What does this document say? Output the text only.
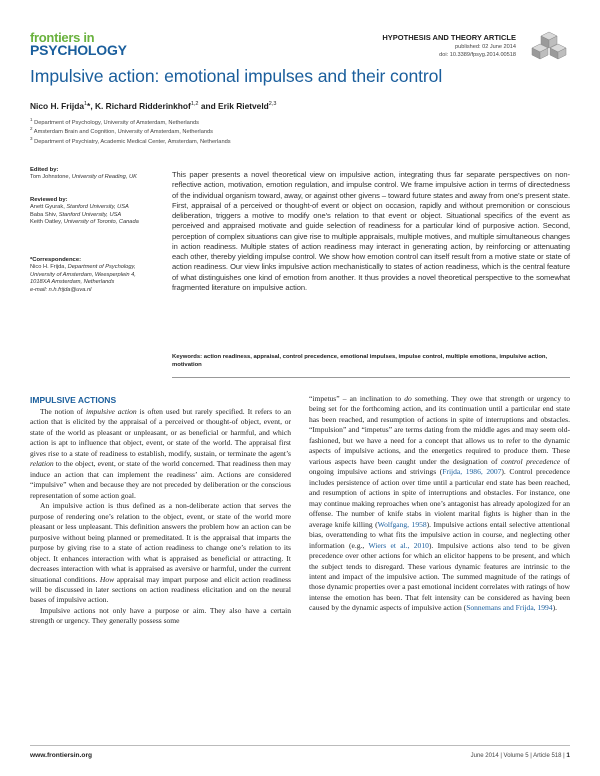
frontiers in
PSYCHOLOGY
HYPOTHESIS AND THEORY ARTICLE
published: 02 June 2014
doi: 10.3389/fpsyg.2014.00518
Impulsive action: emotional impulses and their control
Nico H. Frijda$^1$*, K. Richard Ridderinkhof$^{1,2}$ and Erik Rietveld$^{2,3}$
$^1$ Department of Psychology, University of Amsterdam, Netherlands
$^2$ Amsterdam Brain and Cognition, University of Amsterdam, Netherlands
$^3$ Department of Psychiatry, Academic Medical Center, Amsterdam, Netherlands
Edited by:
Tom Johnstone, University of Reading, UK
Reviewed by:
Anett Gyurak, Stanford University, USA
Baba Shiv, Stanford University, USA
Keith Oatley, University of Toronto, Canada
*Correspondence:
Nico H. Frijda, Department of Psychology, University of Amsterdam, Weesperplein 4, 1018XA Amsterdam, Netherlands
e-mail: n.h.frijda@uva.nl
This paper presents a novel theoretical view on impulsive action, integrating thus far separate perspectives on non-reflective action, motivation, emotion regulation, and impulse control. We frame impulsive action in terms of directedness of the individual organism toward, away, or against other givens – toward future states and away from one’s present state. First, appraisal of a perceived or thought-of event or object on occasion, rapidly and without premonition or conscious deliberation, triggers a motive to modify one’s relation to that event or object. Situational specifics of the event as perceived and appraised motivate and guide selection of readiness for a particular kind of purposive action. Second, perception of complex situations can give rise to multiple appraisals, multiple motives, and multiple simultaneous changes in action readiness. Multiple states of action readiness may interact in generating action, by reinforcing or attenuating each other, thereby yielding impulse control. We show how emotion control can itself result from a motive state or state of action readiness. Our view links impulsive action mechanistically to states of action readiness, which is the central feature of what distinguishes one kind of emotion from another. It thus provides a novel theoretical perspective to the somewhat fragmented literature on impulsive action.
Keywords: action readiness, appraisal, control precedence, emotional impulses, impulse control, multiple emotions, impulsive action, motivation
IMPULSIVE ACTIONS

The notion of impulsive action is often used but rarely specified. It refers to an action that is elicited by the appraisal of a perceived or thought-of object, event, or state of the world as pleasant or unpleasant, or as beneficial or harmful, and which action is apt to influence that object, event, or state of the world. The appraisal first gives rise to a state of readiness to establish, modify, sustain, or terminate the agent’s relation to the object, event, or state of the world concerned. That readiness then may induce an action that can implement the readiness’ aim. Actions are considered “impulsive” when and because they are not preceded by deliberation or the conscious representation of some action goal.

An impulsive action is thus defined as a non-deliberate action that serves the purpose of rendering one’s relation to the object, event, or state of the world more pleasant or less unpleasant. This definition answers the problem how an action can be purposive without being planned or premeditated. It is the appraisal that imparts the purpose by giving rise to a state of action readiness to change one’s relation to its object. It enhances interaction with what is appraised as beneficial or attracting. It decreases interaction with what is appraised as aversive or harmful, under the current situational conditions. How appraisal may impart purpose and elicit action readiness will be discussed in later sections on action readiness elicitation and on the neural bases of impulsive action.

Impulsive actions not only have a purpose or aim. They also have a certain strength or urgency. They generally possess some

“impetus” – an inclination to do something. They owe that strength or urgency to being set for the forthcoming action, and its continuation until a particular end state has been reached, and resumption of actions in spite of interruptions and obstacles. “Impulsion” and “impetus” are terms dating from the middle ages and may seem old-fashioned, but we have a need for a concept that allows us to refer to the dynamic aspects of impulsive actions, and the energetics required to produce them. These various aspects have been caught under the designation of control precedence of ongoing impulsive actions and strivings (Frijda, 1986, 2007). Control precedence includes persistence of action over time until a particular end state has been reached, and resumption of actions in spite of interruptions and obstacles. For instance, one may continue making reproaches when one’s antagonist has already apologized for an offense. The number of knife stabs in violent marital fights is higher than in the average knife killing (Wolfgang, 1958). Impulsive actions entail selective attentional bias, overattending to what fits the impulsive action in course, and neglecting other information (e.g., Wiers et al., 2010). Impulsive actions also tend to be given precedence over other actions for which an elicitor happens to be present, and which the subject tends to disregard. These various dynamic features are intrinsic to the intent and impact of the impulsive action. The summed magnitude of the ratings of those dynamic properties over a past emotional incident correlates with ratings of how intense the emotion has been. That felt intensity can be considered as having been caused by the dynamic aspects of impulsive action (Sonnemans and Frijda, 1994).

www.frontiersin.org	June 2014 | Volume 5 | Article 518 | 1
